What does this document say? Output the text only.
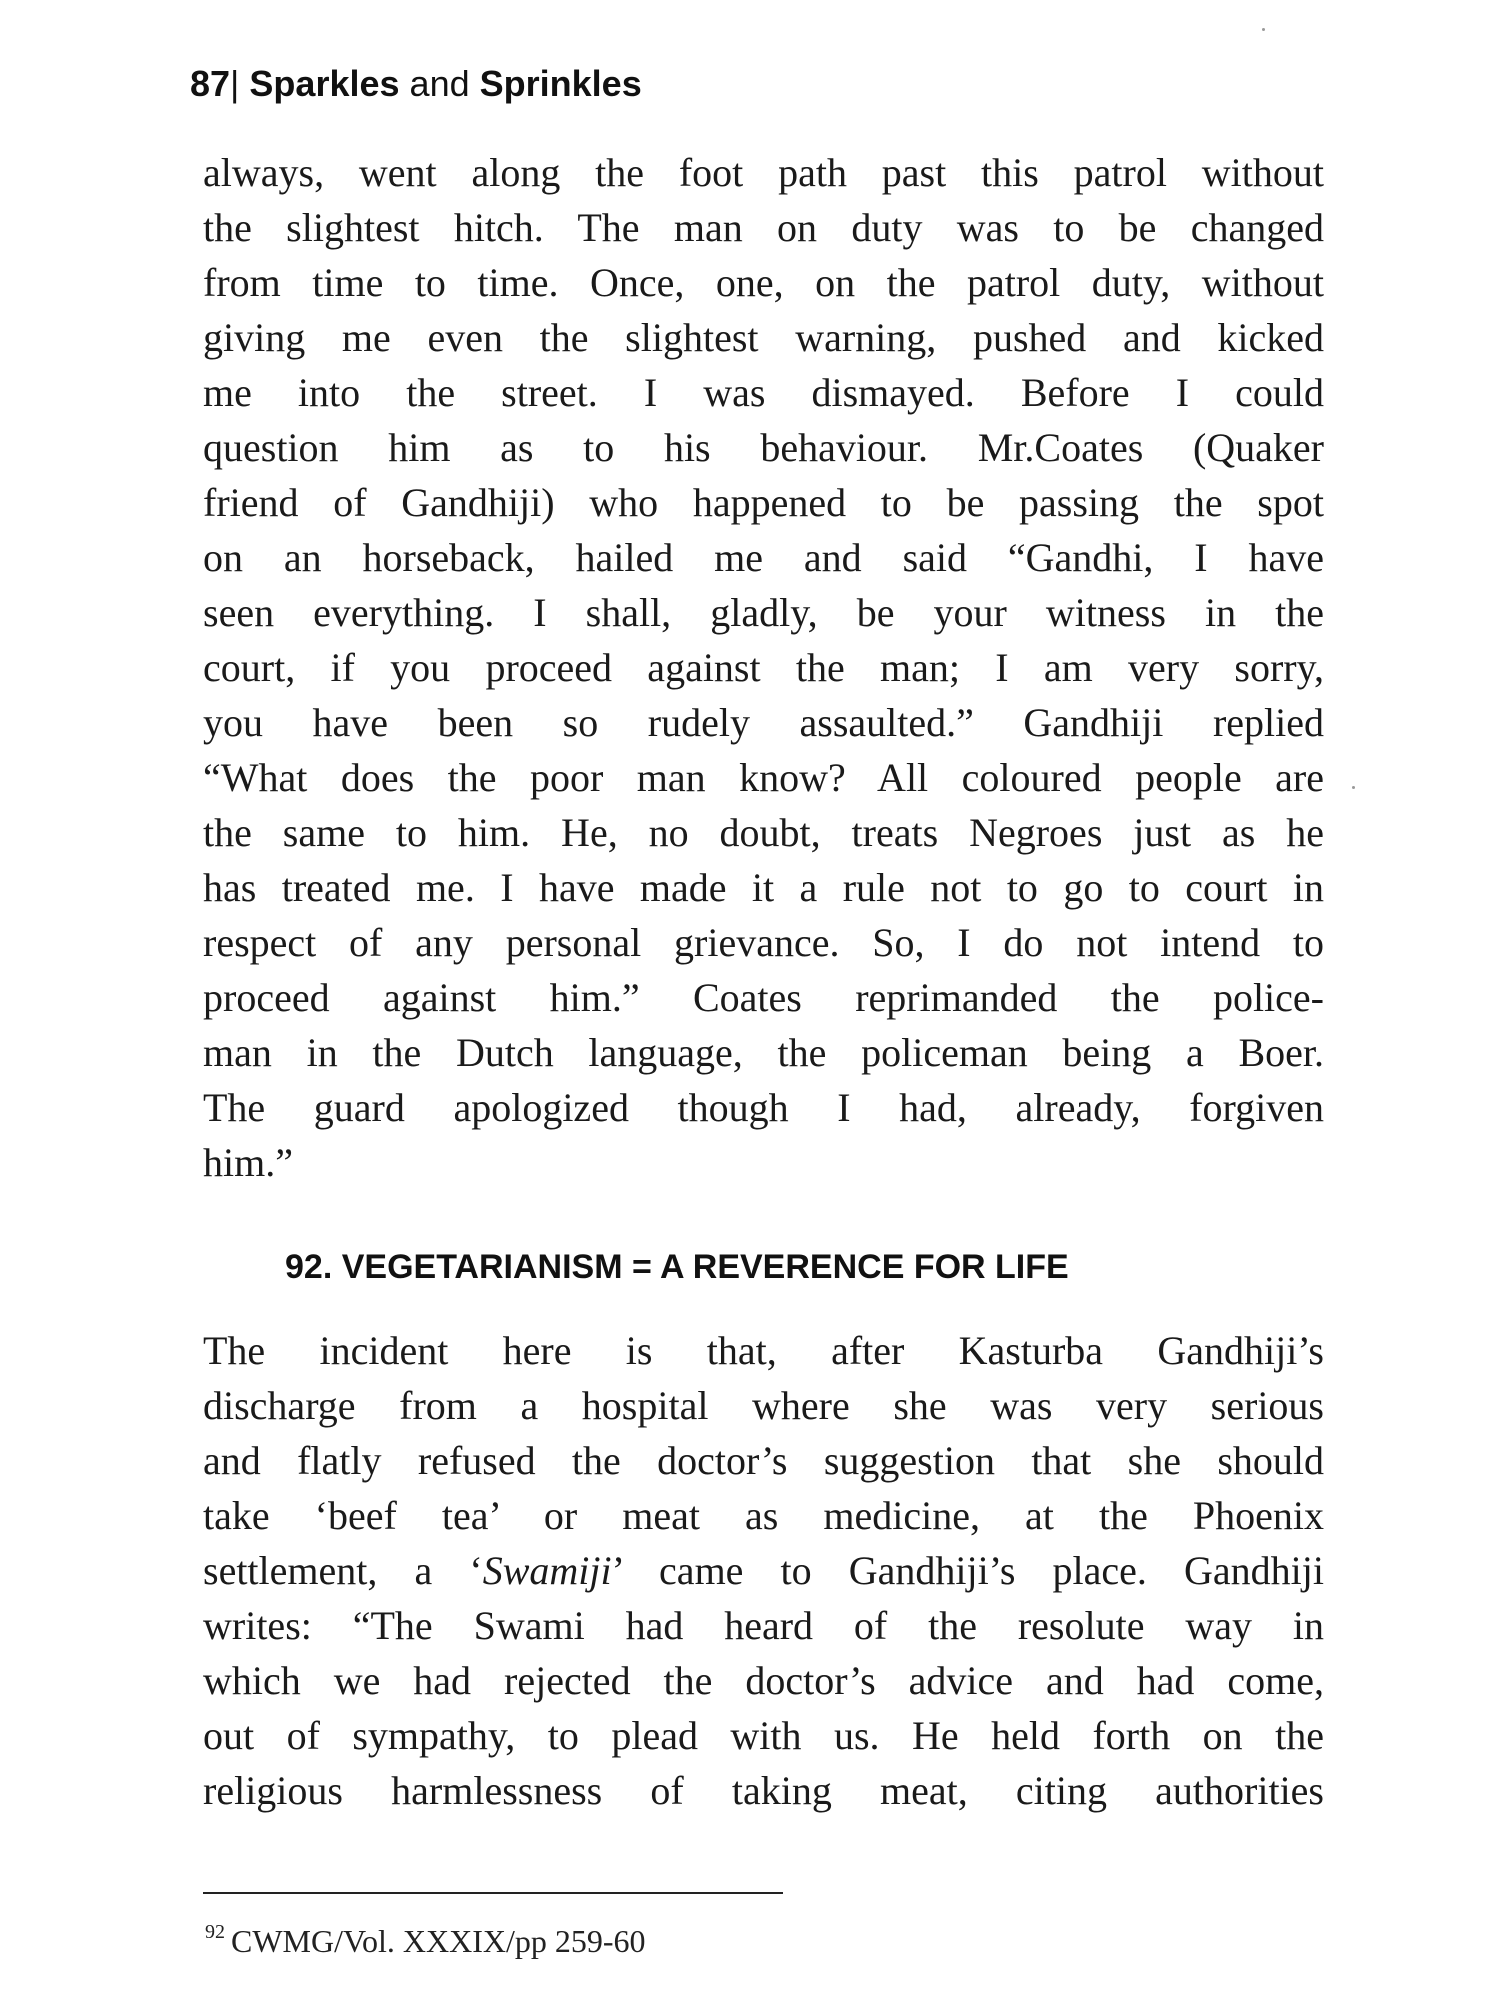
87| Sparkles and Sprinkles
always, went along the foot path past this patrol without
the slightest hitch. The man on duty was to be changed
from time to time. Once, one, on the patrol duty, without
giving me even the slightest warning, pushed and kicked
me into the street. I was dismayed. Before I could
question him as to his behaviour. Mr.Coates (Quaker
friend of Gandhiji) who happened to be passing the spot
on an horseback, hailed me and said “Gandhi, I have
seen everything. I shall, gladly, be your witness in the
court, if you proceed against the man; I am very sorry,
you have been so rudely assaulted.” Gandhiji replied
“What does the poor man know? All coloured people are
the same to him. He, no doubt, treats Negroes just as he
has treated me. I have made it a rule not to go to court in
respect of any personal grievance. So, I do not intend to
proceed against him.” Coates reprimanded the police-
man in the Dutch language, the policeman being a Boer.
The guard apologized though I had, already, forgiven
him.”
92. VEGETARIANISM = A REVERENCE FOR LIFE
The incident here is that, after Kasturba Gandhiji’s
discharge from a hospital where she was very serious
and flatly refused the doctor’s suggestion that she should
take ‘beef tea’ or meat as medicine, at the Phoenix
settlement, a ‘Swamiji’ came to Gandhiji’s place. Gandhiji
writes: “The Swami had heard of the resolute way in
which we had rejected the doctor’s advice and had come,
out of sympathy, to plead with us. He held forth on the
religious harmlessness of taking meat, citing authorities
$^{92}$ CWMG/Vol. XXXIX/pp 259-60
